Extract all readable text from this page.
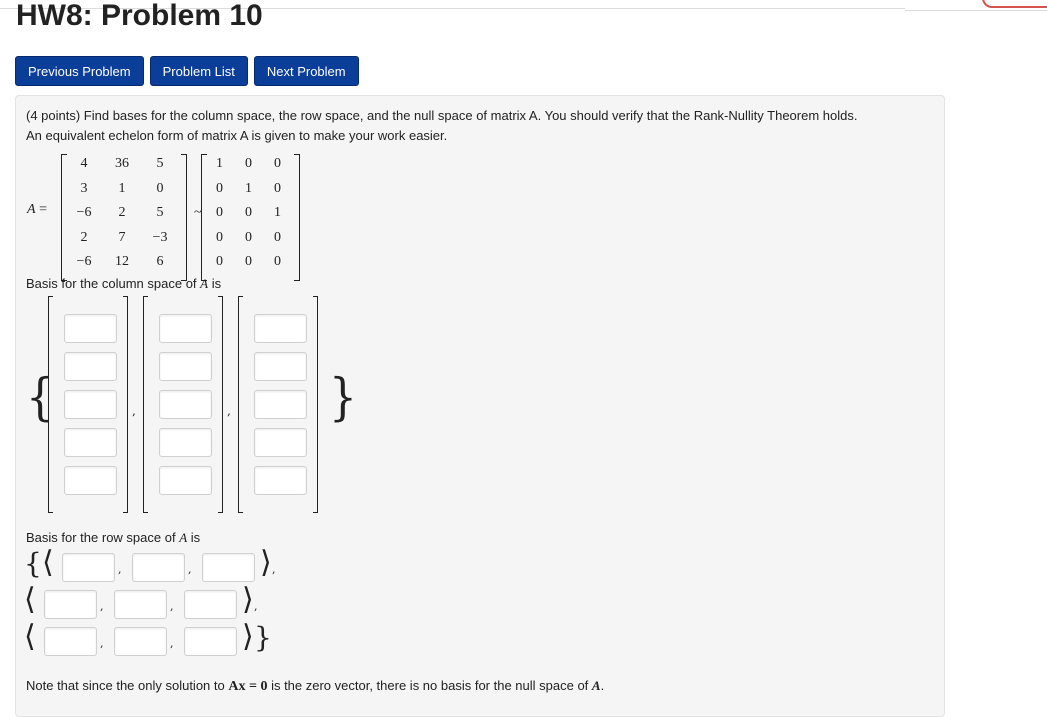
HW8: Problem 10
Previous Problem	Problem List	Next Problem
(4 points) Find bases for the column space, the row space, and the null space of matrix A. You should verify that the Rank-Nullity Theorem holds.
An equivalent echelon form of matrix A is given to make your work easier.
A =
4	36	5
3	1	0
−6	2	5
2	7	−3
−6	12	6
~
1	0	0
0	1	0
0	0	1
0	0	0
0	0	0
Basis for the column space of A is
{	,	, }
Basis for the row space of A is
{ ⟨	,	, ⟩ ,
⟨	,	, ⟩ ,
⟨	,	, ⟩ }
Note that since the only solution to Ax = 0 is the zero vector, there is no basis for the null space of A.
